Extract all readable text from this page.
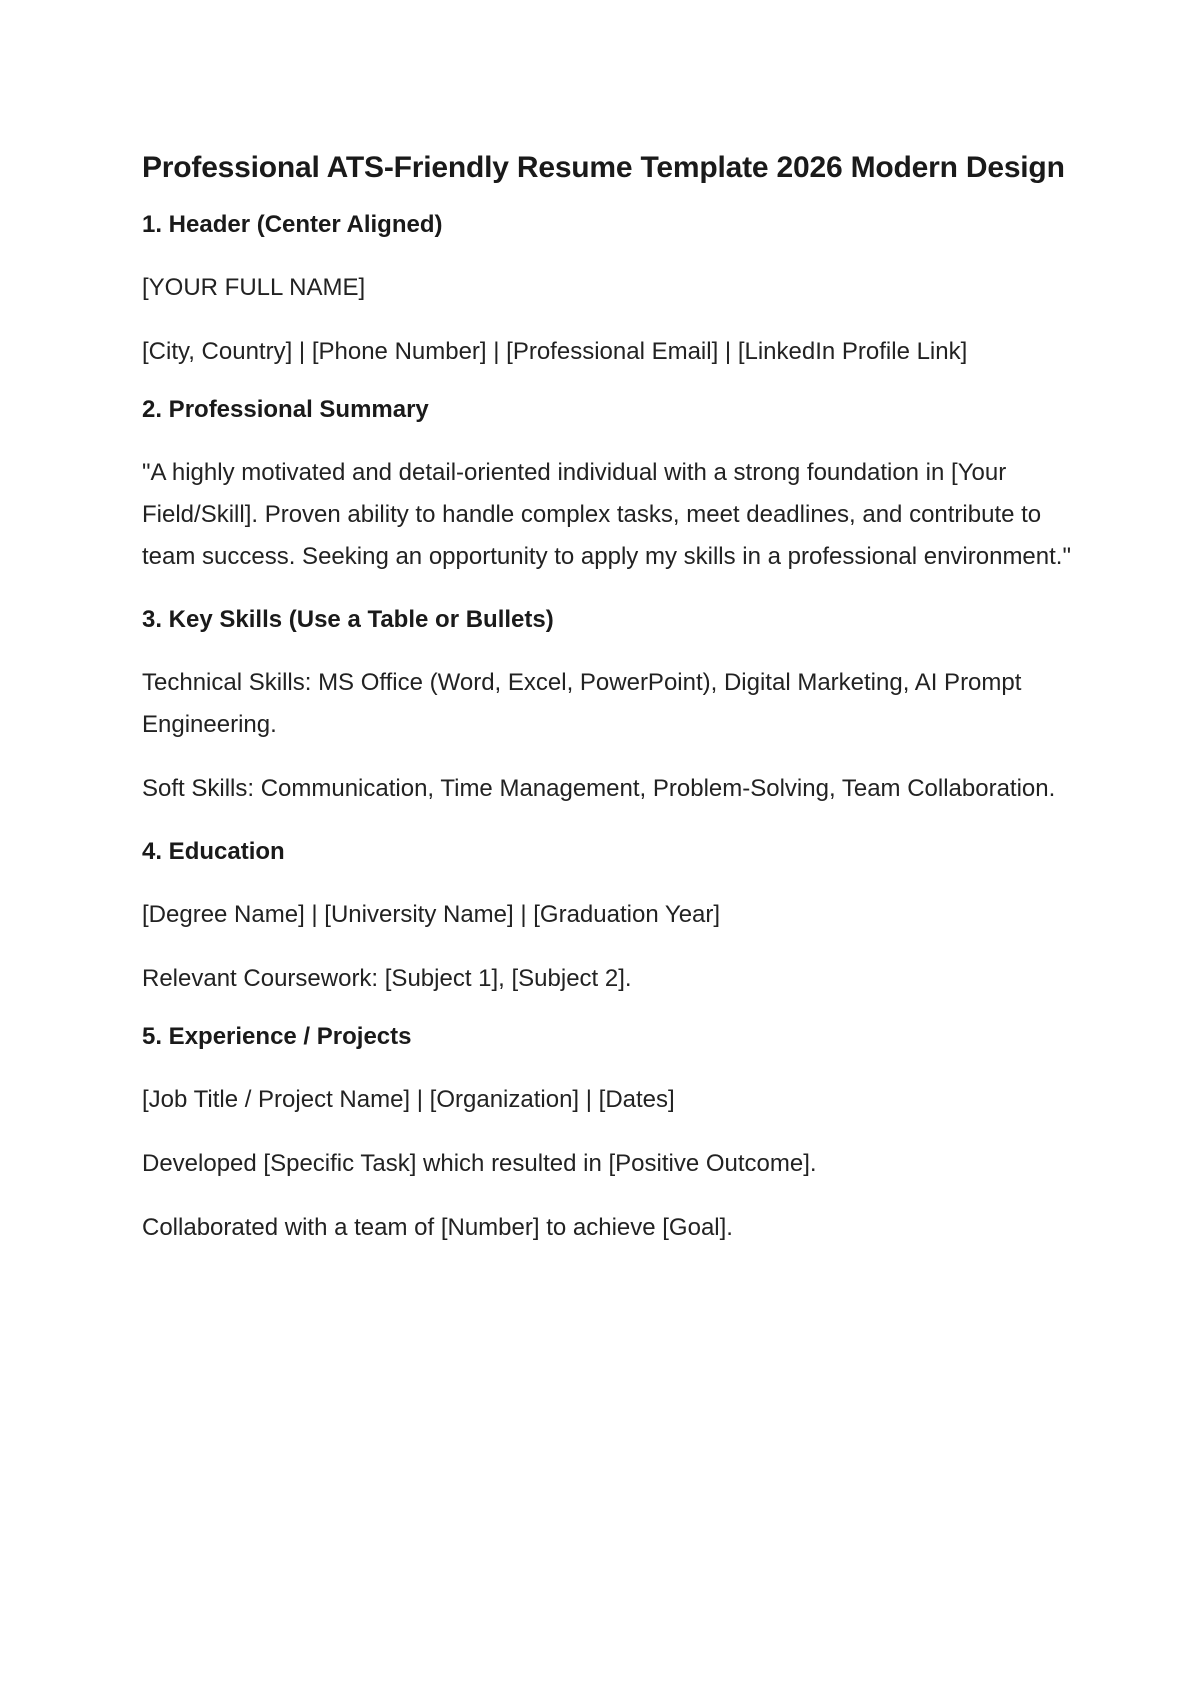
Professional ATS-Friendly Resume Template 2026 Modern Design
1. Header (Center Aligned)

[YOUR FULL NAME]

[City, Country] | [Phone Number] | [Professional Email] | [LinkedIn Profile Link]

2. Professional Summary

"A highly motivated and detail-oriented individual with a strong foundation in [Your Field/Skill]. Proven ability to handle complex tasks, meet deadlines, and contribute to team success. Seeking an opportunity to apply my skills in a professional environment."

3. Key Skills (Use a Table or Bullets)

Technical Skills: MS Office (Word, Excel, PowerPoint), Digital Marketing, AI Prompt Engineering.

Soft Skills: Communication, Time Management, Problem-Solving, Team Collaboration.

4. Education

[Degree Name] | [University Name] | [Graduation Year]

Relevant Coursework: [Subject 1], [Subject 2].

5. Experience / Projects

[Job Title / Project Name] | [Organization] | [Dates]

Developed [Specific Task] which resulted in [Positive Outcome].

Collaborated with a team of [Number] to achieve [Goal].
